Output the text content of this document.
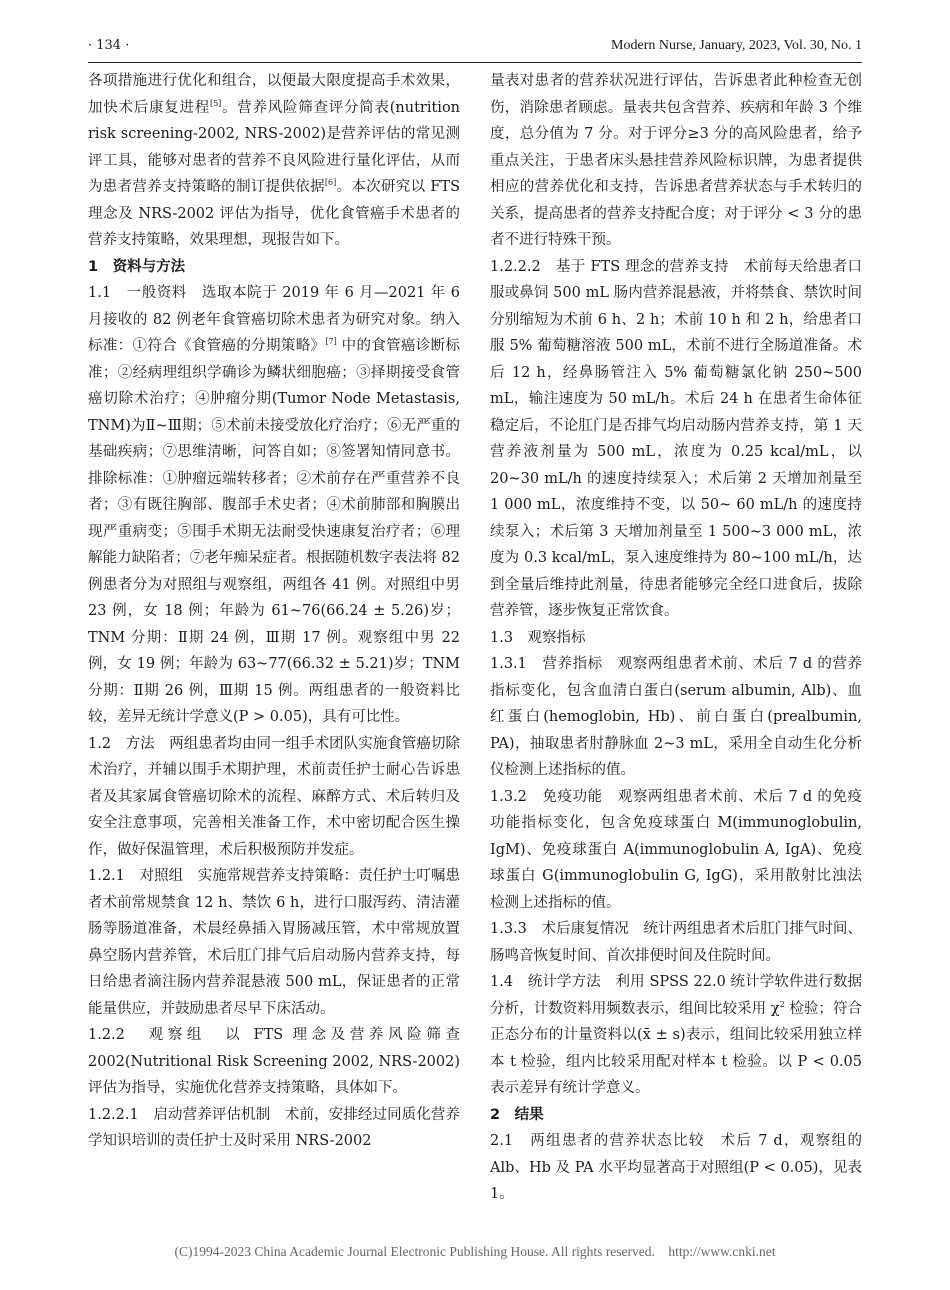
· 134 ·	Modern Nurse, January, 2023, Vol. 30, No. 1

各项措施进行优化和组合，以便最大限度提高手术效果，加快术后康复进程[5]。营养风险筛查评分简表(nutrition risk screening-2002, NRS-2002)是营养评估的常见测评工具，能够对患者的营养不良风险进行量化评估，从而为患者营养支持策略的制订提供依据[6]。本次研究以 FTS 理念及 NRS-2002 评估为指导，优化食管癌手术患者的营养支持策略，效果理想，现报告如下。

1　资料与方法

1.1　一般资料　选取本院于 2019 年 6 月—2021 年 6 月接收的 82 例老年食管癌切除术患者为研究对象。纳入标准：①符合《食管癌的分期策略》[7] 中的食管癌诊断标准；②经病理组织学确诊为鳞状细胞癌；③择期接受食管癌切除术治疗；④肿瘤分期(Tumor Node Metastasis, TNM)为Ⅱ~Ⅲ期；⑤术前未接受放化疗治疗；⑥无严重的基础疾病；⑦思维清晰，问答自如；⑧签署知情同意书。排除标准：①肿瘤远端转移者；②术前存在严重营养不良者；③有既往胸部、腹部手术史者；④术前肺部和胸膜出现严重病变；⑤围手术期无法耐受快速康复治疗者；⑥理解能力缺陷者；⑦老年痴呆症者。根据随机数字表法将 82 例患者分为对照组与观察组，两组各 41 例。对照组中男 23 例，女 18 例；年龄为 61~76(66.24 ± 5.26)岁；TNM 分期：Ⅱ期 24 例，Ⅲ期 17 例。观察组中男 22 例，女 19 例；年龄为 63~77(66.32 ± 5.21)岁；TNM 分期：Ⅱ期 26 例，Ⅲ期 15 例。两组患者的一般资料比较，差异无统计学意义(P > 0.05)，具有可比性。

1.2　方法　两组患者均由同一组手术团队实施食管癌切除术治疗，并辅以围手术期护理，术前责任护士耐心告诉患者及其家属食管癌切除术的流程、麻醉方式、术后转归及安全注意事项，完善相关准备工作，术中密切配合医生操作，做好保温管理，术后积极预防并发症。

1.2.1　对照组　实施常规营养支持策略：责任护士叮嘱患者术前常规禁食 12 h、禁饮 6 h，进行口服泻药、清洁灌肠等肠道准备，术晨经鼻插入胃肠减压管，术中常规放置鼻空肠内营养管，术后肛门排气后启动肠内营养支持，每日给患者滴注肠内营养混悬液 500 mL，保证患者的正常能量供应，并鼓励患者尽早下床活动。

1.2.2　观察组　以 FTS 理念及营养风险筛查 2002(Nutritional Risk Screening 2002, NRS-2002)评估为指导，实施优化营养支持策略，具体如下。

1.2.2.1　启动营养评估机制　术前，安排经过同质化营养学知识培训的责任护士及时采用 NRS-2002

量表对患者的营养状况进行评估，告诉患者此种检查无创伤，消除患者顾虑。量表共包含营养、疾病和年龄 3 个维度，总分值为 7 分。对于评分≥3 分的高风险患者，给予重点关注，于患者床头悬挂营养风险标识牌，为患者提供相应的营养优化和支持，告诉患者营养状态与手术转归的关系，提高患者的营养支持配合度；对于评分 < 3 分的患者不进行特殊干预。

1.2.2.2　基于 FTS 理念的营养支持　术前每天给患者口服或鼻饲 500 mL 肠内营养混悬液，并将禁食、禁饮时间分别缩短为术前 6 h、2 h；术前 10 h 和 2 h，给患者口服 5% 葡萄糖溶液 500 mL，术前不进行全肠道准备。术后 12 h，经鼻肠管注入 5% 葡萄糖氯化钠 250~500 mL，输注速度为 50 mL/h。术后 24 h 在患者生命体征稳定后，不论肛门是否排气均启动肠内营养支持，第 1 天营养液剂量为 500 mL，浓度为 0.25 kcal/mL，以 20~30 mL/h 的速度持续泵入；术后第 2 天增加剂量至 1 000 mL，浓度维持不变，以 50~ 60 mL/h 的速度持续泵入；术后第 3 天增加剂量至 1 500~3 000 mL，浓度为 0.3 kcal/mL，泵入速度维持为 80~100 mL/h，达到全量后维持此剂量，待患者能够完全经口进食后，拔除营养管，逐步恢复正常饮食。

1.3　观察指标

1.3.1　营养指标　观察两组患者术前、术后 7 d 的营养指标变化，包含血清白蛋白(serum albumin, Alb)、血红蛋白(hemoglobin, Hb)、前白蛋白(prealbumin, PA)，抽取患者肘静脉血 2~3 mL，采用全自动生化分析仪检测上述指标的值。

1.3.2　免疫功能　观察两组患者术前、术后 7 d 的免疫功能指标变化，包含免疫球蛋白 M(immunoglobulin, IgM)、免疫球蛋白 A(immunoglobulin A, IgA)、免疫球蛋白 G(immunoglobulin G, IgG)，采用散射比浊法检测上述指标的值。

1.3.3　术后康复情况　统计两组患者术后肛门排气时间、肠鸣音恢复时间、首次排便时间及住院时间。

1.4　统计学方法　利用 SPSS 22.0 统计学软件进行数据分析，计数资料用频数表示，组间比较采用 $\chi^2$ 检验；符合正态分布的计量资料以(x̄ ± s)表示，组间比较采用独立样本 t 检验，组内比较采用配对样本 t 检验。以 P < 0.05 表示差异有统计学意义。

2　结果

2.1　两组患者的营养状态比较　术后 7 d，观察组的 Alb、Hb 及 PA 水平均显著高于对照组(P < 0.05)，见表 1。

(C)1994-2023 China Academic Journal Electronic Publishing House. All rights reserved.　http://www.cnki.net
